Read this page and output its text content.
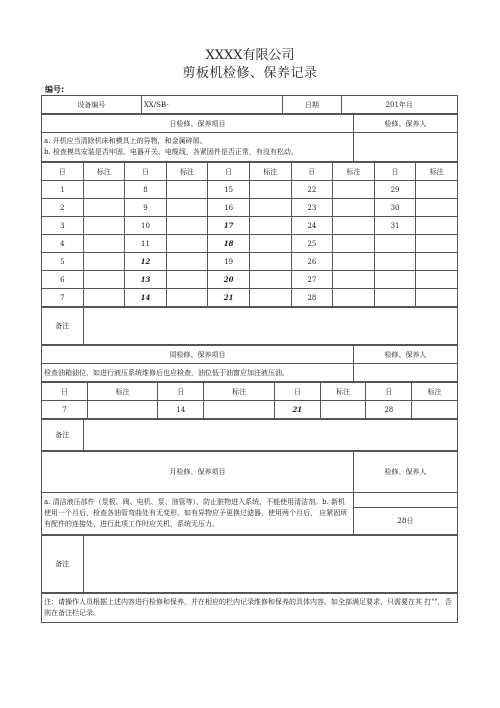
XXXX有限公司
剪板机检修、保养记录
编号:
设备编号	XX/SB-	日期	201年月
日检修、保养项目	检修、保养人

a. 开机应当清除机床和模具上的异物，和金属碎屑。
b. 检查模具安装是否牢固、电器开关、电缆线、各紧固件是否正常，有没有松动。	

日	标注	日	标注	日	标注	日	标注	日	标注
1		8		15		22		29	
2		9		16		23		30	
3		10		17		24		31	
4		11		18		25			
5		12		19		26			
6		13		20		27			
7		14		21		28			
备注	
周检修、保养项目	检修、保养人
检查油箱油位，如进行液压系统维修后也应检查，油位低于油窗应加注液压油。	
日	标注	日	标注	日	标注	日	标注
7		14		21		28	
备注	
月检修、保养项目	检修、保养人

a. 清洁液压部件（泵板、阀、电机、泵、油管等），防止脏物进入系统，不能使用清洁剂。b. 新机
使用一个月后，检查各油管弯曲处有无变形，如有异物应予更换过滤器，使用两个月后， 应紧固所
有配件的连接处，进行此项工作时应关机，系统无压力。	28日
备注	
注：请操作人员根据上述内容进行检修和保养，并在相应的栏内记录维修和保养的具体内容。如全部满足要求，只需要在其 打""，否则在备注栏记录。
